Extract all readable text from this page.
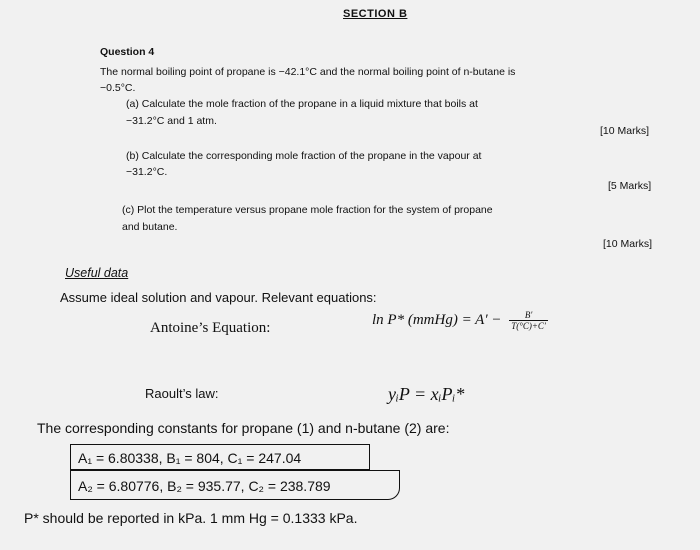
SECTION B
Question 4
The normal boiling point of propane is −42.1°C and the normal boiling point of n-butane is
−0.5°C.
(a) Calculate the mole fraction of the propane in a liquid mixture that boils at
−31.2°C and 1 atm.
[10 Marks]
(b) Calculate the corresponding mole fraction of the propane in the vapour at
−31.2°C.
[5 Marks]
(c) Plot the temperature versus propane mole fraction for the system of propane
and butane.
[10 Marks]
Useful data
Assume ideal solution and vapour. Relevant equations:
Antoine’s Equation:
ln P* (mmHg) = $A' - \frac{B'}{T(^\circ C)+C'}$
Raoult’s law:	yᵢP = xᵢPᵢ*
The corresponding constants for propane (1) and n-butane (2) are:
A₁ = 6.80338, B₁ = 804, C₁ = 247.04
A₂ = 6.80776, B₂ = 935.77, C₂ = 238.789
P* should be reported in kPa. 1 mm Hg = 0.1333 kPa.
